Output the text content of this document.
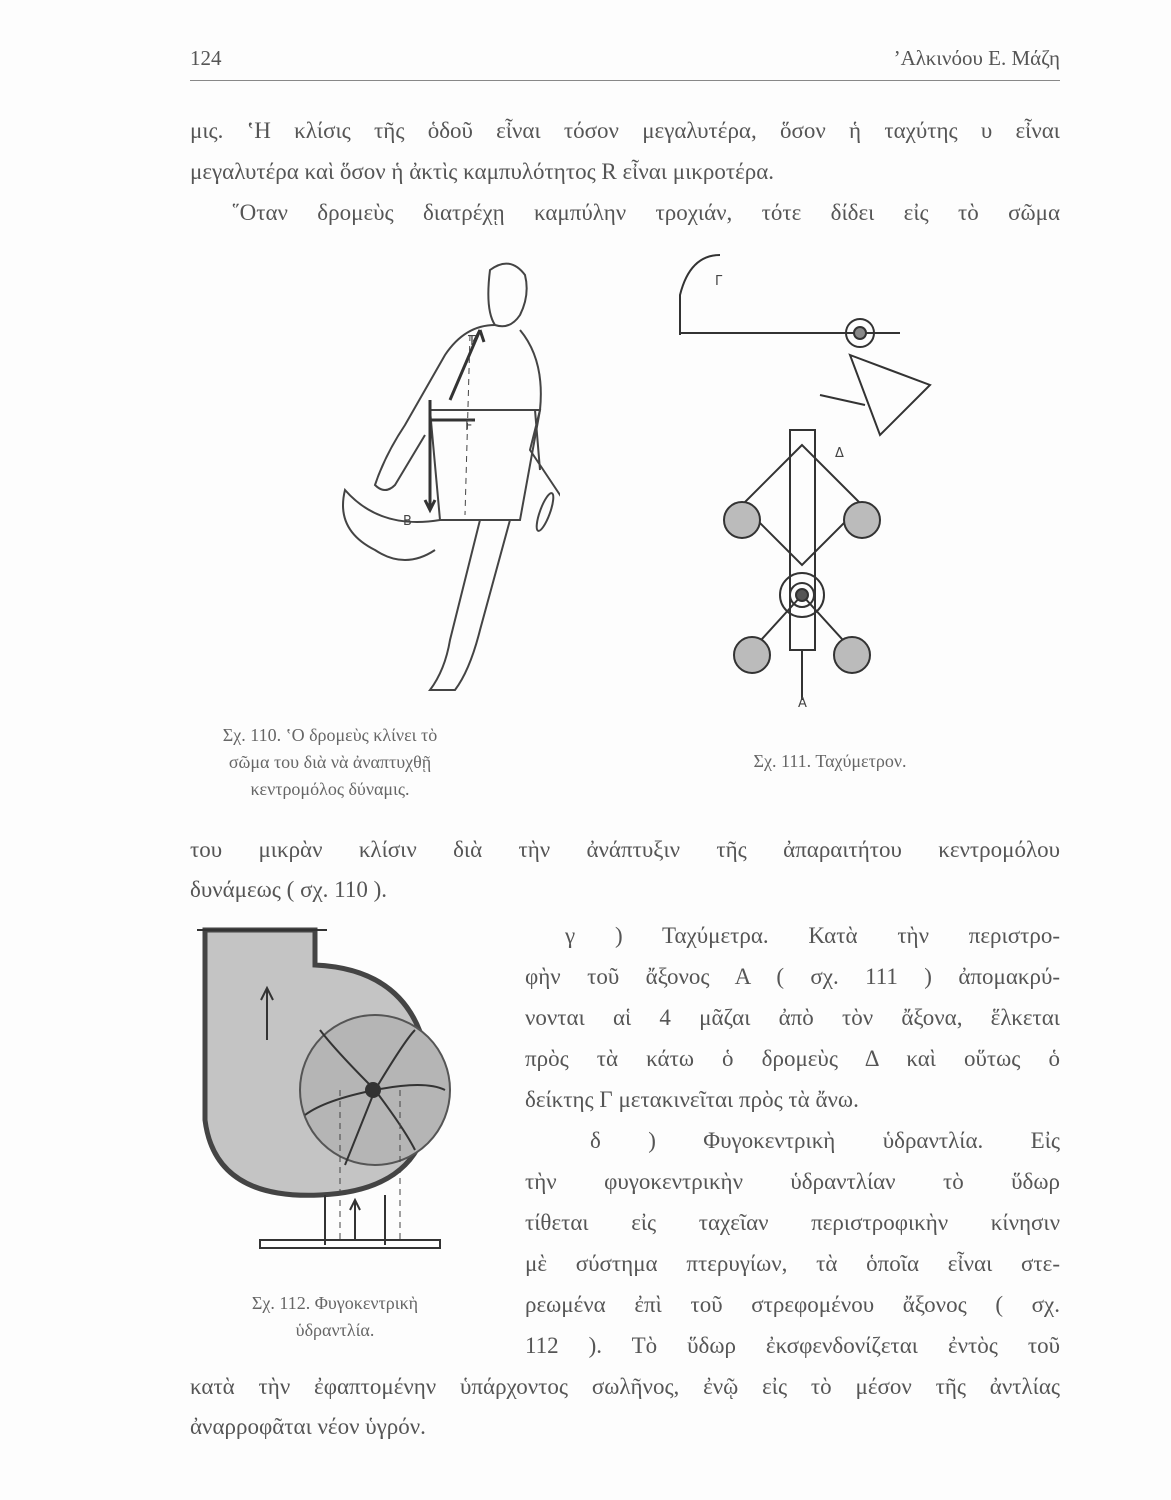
124	’Αλκινόου Ε. Μάζη
μις. ‛Η κλίσις τῆς ὁδοῦ εἶναι τόσον μεγαλυτέρα, ὅσον ἡ ταχύτης υ εἶναι
μεγαλυτέρα καὶ ὅσον ἡ ἀκτὶς καμπυλότητος R εἶναι μικροτέρα.
῞Οταν δρομεὺς διατρέχῃ καμπύλην τροχιάν, τότε δίδει εἰς τὸ σῶμα
T
F
B
Γ
Δ
A
Σχ. 110. ‛Ο δρομεὺς κλίνει τὸ
σῶμα του διὰ νὰ ἀναπτυχθῇ
κεντρομόλος δύναμις.
Σχ. 111. Ταχύμετρον.
του μικρὰν κλίσιν διὰ τὴν ἀνάπτυξιν τῆς ἀπαραιτήτου κεντρομόλου
δυνάμεως ( σχ. 110 ).
γ ) Ταχύμετρα. Κατὰ τὴν περιστρο-
φὴν τοῦ ἄξονος Α ( σχ. 111 ) ἀπομακρύ-
νονται αἱ 4 μᾶζαι ἀπὸ τὸν ἄξονα, ἕλκεται
πρὸς τὰ κάτω ὁ δρομεὺς Δ καὶ οὕτως ὁ
δείκτης Γ μετακινεῖται πρὸς τὰ ἄνω.
δ ) Φυγοκεντρικὴ ὑδραντλία. Εἰς
τὴν φυγοκεντρικὴν ὑδραντλίαν τὸ ὕδωρ
τίθεται εἰς ταχεῖαν περιστροφικὴν κίνησιν
μὲ σύστημα πτερυγίων, τὰ ὁποῖα εἶναι στε-
ρεωμένα ἐπὶ τοῦ στρεφομένου ἄξονος ( σχ.
112 ). Τὸ ὕδωρ ἐκσφενδονίζεται ἐντὸς τοῦ
Σχ. 112. Φυγοκεντρικὴ
ὑδραντλία.
κατὰ τὴν ἐφαπτομένην ὑπάρχοντος σωλῆνος, ἐνῷ εἰς τὸ μέσον τῆς ἀντλίας
ἀναρροφᾶται νέον ὑγρόν.
